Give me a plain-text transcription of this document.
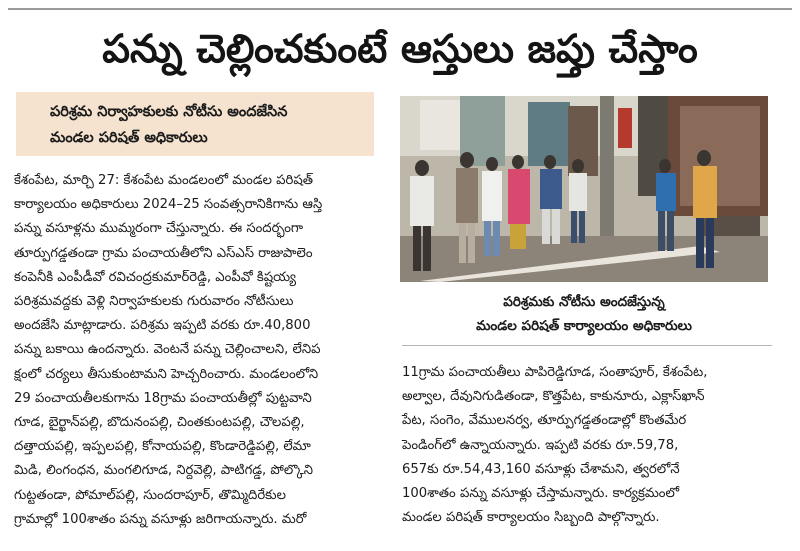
పన్ను చెల్లించకుంటే ఆస్తులు జప్తు చేస్తాం
పరిశ్రమ నిర్వాహకులకు నోటీసు అందజేసిన
మండల పరిషత్ అధికారులు
కేశంపేట, మార్చి 27: కేశంపేట మండలంలో మండల పరిషత్
కార్యాలయం అధికారులు 2024–25 సంవత్సరానికిగాను ఆస్తి
పన్ను వసూళ్లను ముమ్మరంగా చేస్తున్నారు. ఈ సందర్భంగా
తూర్పుగడ్డతండా గ్రామ పంచాయతీలోని ఎస్ఎస్ రాజుపాలెం
కంపెనీకి ఎంపీడీవో రవిచంద్రకుమార్‌రెడ్డి, ఎంపీవో కిష్టయ్య
పరిశ్రమవద్దకు వెళ్లి నిర్వాహకులకు గురువారం నోటీసులు
అందజేసి మాట్లాడారు. పరిశ్రమ ఇప్పటి వరకు రూ.40,800
పన్ను బకాయి ఉందన్నారు. వెంటనే పన్ను చెల్లించాలని, లేనిప
క్షంలో చర్యలు తీసుకుంటామని హెచ్చరించారు. మండలంలోని
29 పంచాయతీలకుగాను 18గ్రామ పంచాయతీల్లో పుట్టవాని
గూడ, బైర్ఖాన్‌పల్లి, బొదునంపల్లి, చింతకుంటపల్లి, చౌలపల్లి,
దత్తాయపల్లి, ఇప్పలపల్లి, కోనాయపల్లి, కొండారెడ్డిపల్లి, లేమా
మిడి, లింగంధన, మంగలిగూడ, నిర్దవెల్లి, పాటిగడ్డ, పోల్కొని
గుట్టతండా, పోమాల్‌పల్లి, సుందరాపూర్, తొమ్మిదిరేకుల
గ్రామాల్లో 100శాతం పన్ను వసూళ్లు జరిగాయన్నారు. మరో
పరిశ్రమకు నోటీసు అందజేస్తున్న
మండల పరిషత్ కార్యాలయం అధికారులు
11గ్రామ పంచాయతీలు పాపిరెడ్డిగూడ, సంతాపూర్, కేశంపేట,
అల్వాల, దేవునిగుడితండా, కొత్తపేట, కాకునూరు, ఎక్లాస్‌ఖాన్
పేట, సంగెం, వేములనర్వ, తూర్పుగడ్డతండాల్లో కొంతమేర
పెండింగ్‌లో ఉన్నాయన్నారు. ఇప్పటి వరకు రూ.59,78,
657కు రూ.54,43,160 వసూళ్లు చేశామని, త్వరలోనే
100శాతం పన్ను వసూళ్లు చేస్తామన్నారు. కార్యక్రమంలో
మండల పరిషత్ కార్యాలయం సిబ్బంది పాల్గొన్నారు.
